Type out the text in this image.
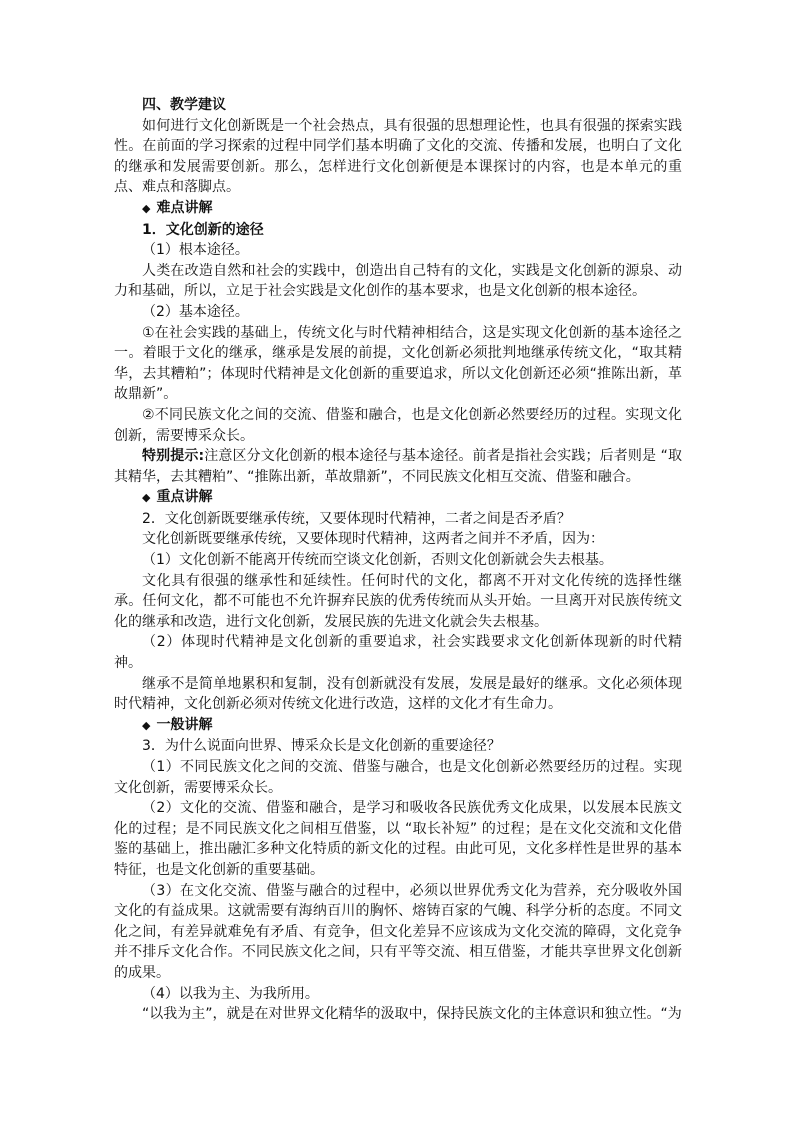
四、教学建议

如何进行文化创新既是一个社会热点，具有很强的思想理论性，也具有很强的探索实践性。在前面的学习探索的过程中同学们基本明确了文化的交流、传播和发展，也明白了文化的继承和发展需要创新。那么，怎样进行文化创新便是本课探讨的内容，也是本单元的重点、难点和落脚点。

◆ 难点讲解

1．文化创新的途径

（1）根本途径。

人类在改造自然和社会的实践中，创造出自己特有的文化，实践是文化创新的源泉、动力和基础，所以，立足于社会实践是文化创作的基本要求，也是文化创新的根本途径。

（2）基本途径。

①在社会实践的基础上，传统文化与时代精神相结合，这是实现文化创新的基本途径之一。着眼于文化的继承，继承是发展的前提，文化创新必须批判地继承传统文化，“取其精华，去其糟粕”；体现时代精神是文化创新的重要追求，所以文化创新还必须“推陈出新，革故鼎新”。

②不同民族文化之间的交流、借鉴和融合，也是文化创新必然要经历的过程。实现文化创新，需要博采众长。

特别提示:注意区分文化创新的根本途径与基本途径。前者是指社会实践；后者则是 “取其精华，去其糟粕”、“推陈出新，革故鼎新”，不同民族文化相互交流、借鉴和融合。

◆ 重点讲解

2．文化创新既要继承传统，又要体现时代精神，二者之间是否矛盾？

文化创新既要继承传统，又要体现时代精神，这两者之间并不矛盾，因为：

（1）文化创新不能离开传统而空谈文化创新，否则文化创新就会失去根基。

文化具有很强的继承性和延续性。任何时代的文化，都离不开对文化传统的选择性继承。任何文化，都不可能也不允许摒弃民族的优秀传统而从头开始。一旦离开对民族传统文化的继承和改造，进行文化创新，发展民族的先进文化就会失去根基。

（2）体现时代精神是文化创新的重要追求，社会实践要求文化创新体现新的时代精神。

继承不是简单地累积和复制，没有创新就没有发展，发展是最好的继承。文化必须体现时代精神，文化创新必须对传统文化进行改造，这样的文化才有生命力。

◆ 一般讲解

3．为什么说面向世界、博采众长是文化创新的重要途径？

（1）不同民族文化之间的交流、借鉴与融合，也是文化创新必然要经历的过程。实现文化创新，需要博采众长。

（2）文化的交流、借鉴和融合，是学习和吸收各民族优秀文化成果，以发展本民族文化的过程；是不同民族文化之间相互借鉴，以 “取长补短” 的过程；是在文化交流和文化借鉴的基础上，推出融汇多种文化特质的新文化的过程。由此可见，文化多样性是世界的基本特征，也是文化创新的重要基础。

（3）在文化交流、借鉴与融合的过程中，必须以世界优秀文化为营养，充分吸收外国文化的有益成果。这就需要有海纳百川的胸怀、熔铸百家的气魄、科学分析的态度。不同文化之间，有差异就难免有矛盾、有竞争，但文化差异不应该成为文化交流的障碍，文化竞争并不排斥文化合作。不同民族文化之间，只有平等交流、相互借鉴，才能共享世界文化创新的成果。

（4）以我为主、为我所用。

“以我为主”，就是在对世界文化精华的汲取中，保持民族文化的主体意识和独立性。“为
